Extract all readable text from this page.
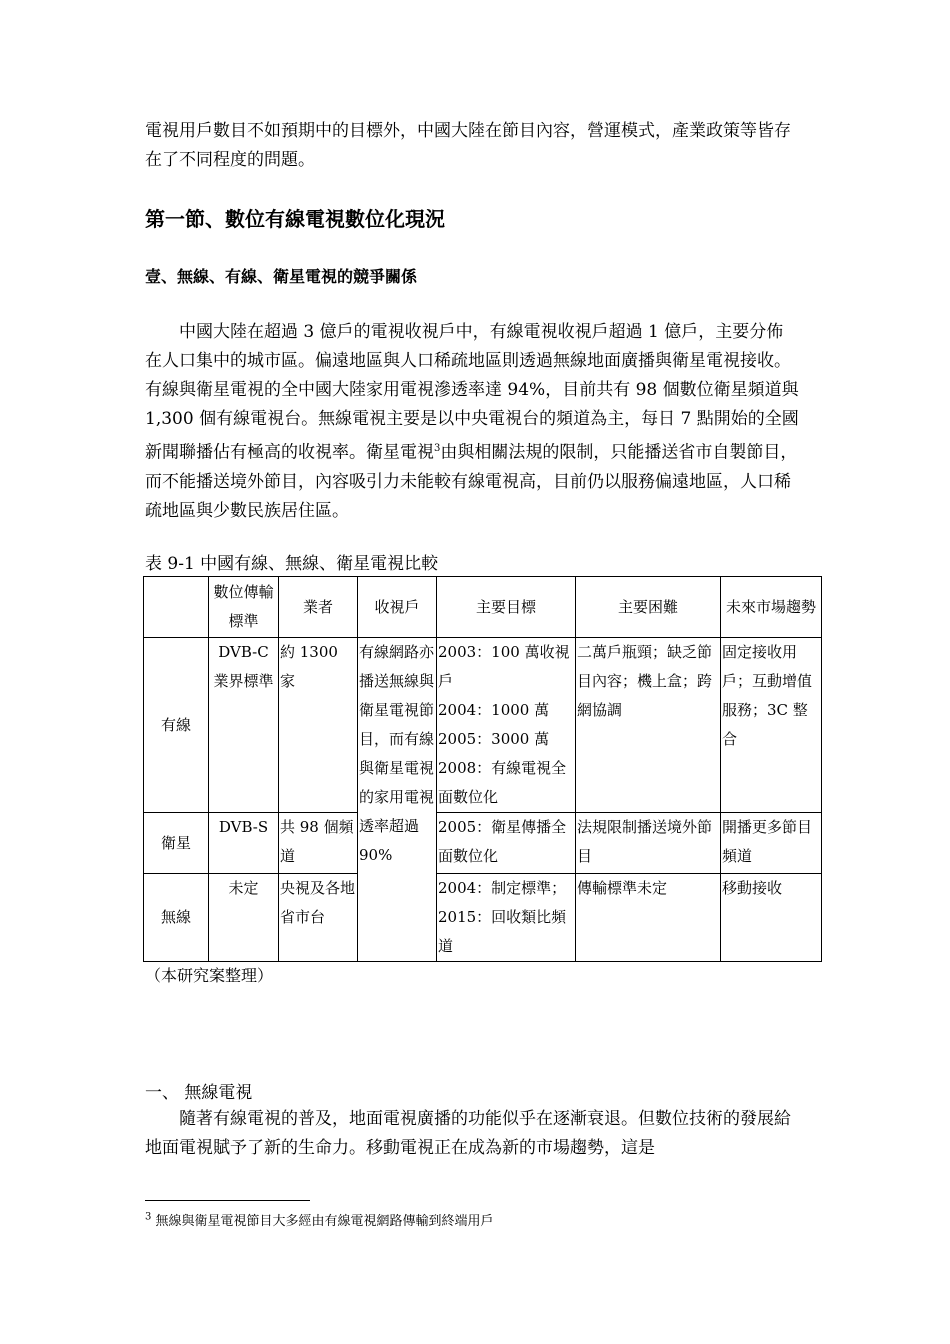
電視用戶數目不如預期中的目標外，中國大陸在節目內容，營運模式，產業政策等皆存在了不同程度的問題。

第一節、數位有線電視數位化現況
壹、無線、有線、衛星電視的競爭關係

中國大陸在超過 3 億戶的電視收視戶中，有線電視收視戶超過 1 億戶，主要分佈在人口集中的城市區。偏遠地區與人口稀疏地區則透過無線地面廣播與衛星電視接收。有線與衛星電視的全中國大陸家用電視滲透率達 94%，目前共有 98 個數位衛星頻道與 1,300 個有線電視台。無線電視主要是以中央電視台的頻道為主，每日 7 點開始的全國新聞聯播佔有極高的收視率。衛星電視$^3$由與相關法規的限制，只能播送省市自製節目，而不能播送境外節目，內容吸引力未能較有線電視高，目前仍以服務偏遠地區，人口稀疏地區與少數民族居住區。

表 9-1 中國有線、無線、衛星電視比較

	數位傳輸標準	業者	收視戶	主要目標	主要困難	未來市場趨勢
有線	DVB-C 業界標準	約 1300 家	有線網路亦播送無線與衛星電視節目，而有線與衛星電視的家用電視透率超過 90%	2003：100 萬收視戶
2004：1000 萬
2005：3000 萬
2008：有線電視全面數位化	二萬戶瓶頸；缺乏節目內容；機上盒；跨網協調	固定接收用戶；互動增值服務；3C 整合
衛星	DVB-S	共 98 個頻道		2005：衛星傳播全面數位化	法規限制播送境外節目	開播更多節目頻道
無線	未定	央視及各地省市台		2004：制定標準；
2015：回收類比頻道	傳輸標準未定	移動接收

（本研究案整理）

一、 無線電視

隨著有線電視的普及，地面電視廣播的功能似乎在逐漸衰退。但數位技術的發展給地面電視賦予了新的生命力。移動電視正在成為新的市場趨勢，這是

$^3$ 無線與衛星電視節目大多經由有線電視網路傳輸到終端用戶
